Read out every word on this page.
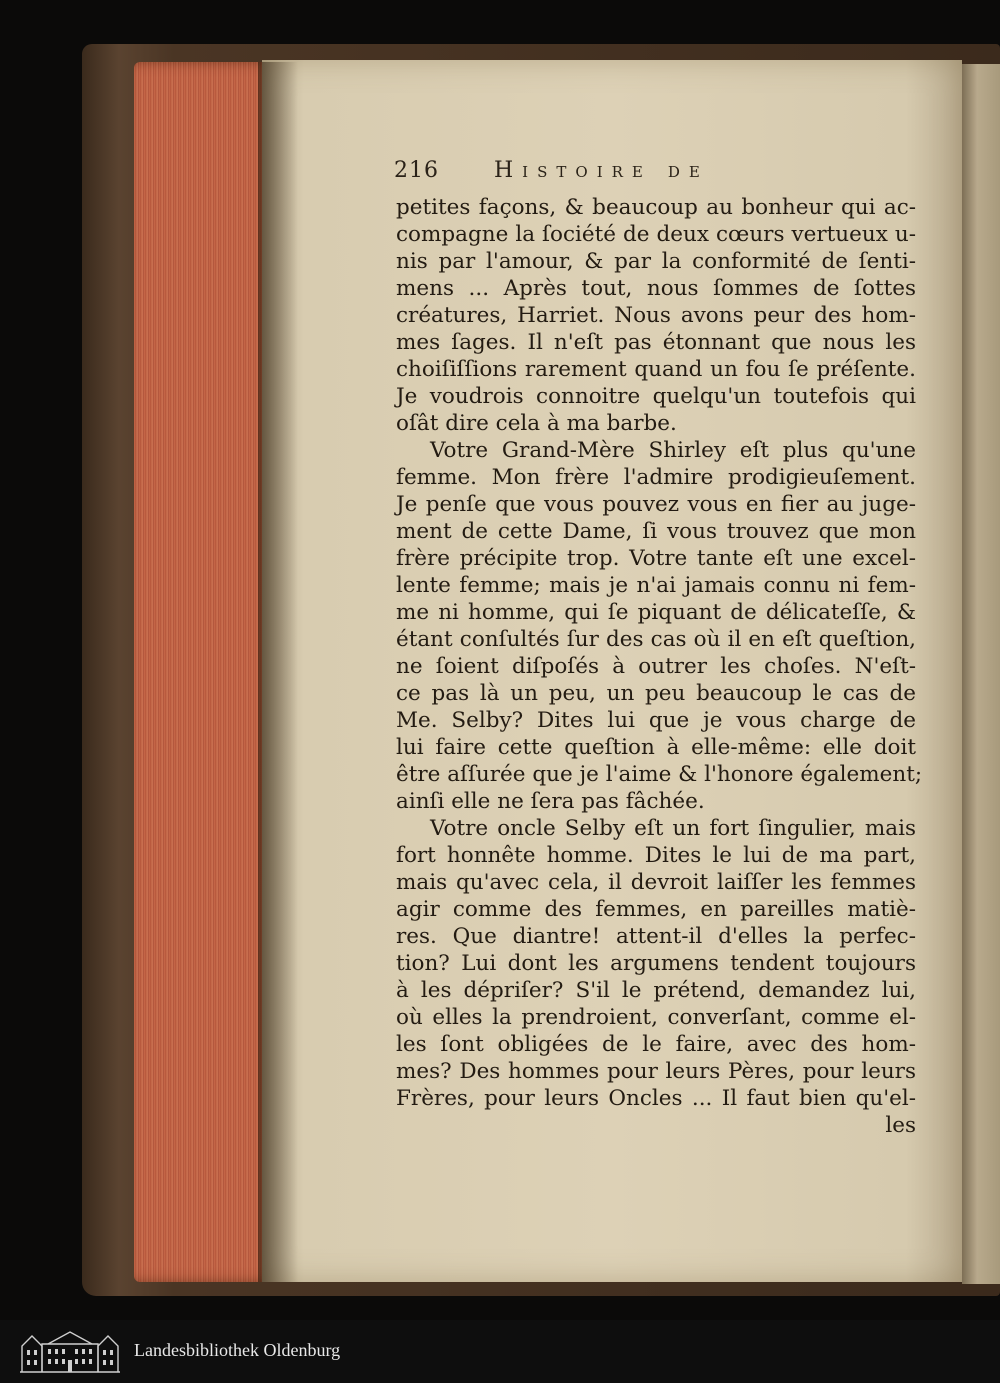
216	Histoire de
petites façons, & beaucoup au bonheur qui ac-
compagne la ſociété de deux cœurs vertueux u-
nis par l'amour, & par la conformité de ſenti-
mens ... Après tout, nous ſommes de ſottes
créatures, Harriet. Nous avons peur des hom-
mes ſages. Il n'eſt pas étonnant que nous les
choiſiſſions rarement quand un fou ſe préſente.
Je voudrois connoitre quelqu'un toutefois qui
oſât dire cela à ma barbe.
Votre Grand-Mère Shirley eſt plus qu'une
femme. Mon frère l'admire prodigieuſement.
Je penſe que vous pouvez vous en fier au juge-
ment de cette Dame, ſi vous trouvez que mon
frère précipite trop. Votre tante eſt une excel-
lente femme; mais je n'ai jamais connu ni fem-
me ni homme, qui ſe piquant de délicateſſe, &
étant conſultés ſur des cas où il en eſt queſtion,
ne ſoient diſpoſés à outrer les choſes. N'eſt-
ce pas là un peu, un peu beaucoup le cas de
Me. Selby? Dites lui que je vous charge de
lui faire cette queſtion à elle-même: elle doit
être aſſurée que je l'aime & l'honore également;
ainſi elle ne ſera pas fâchée.
Votre oncle Selby eſt un fort ſingulier, mais
fort honnête homme. Dites le lui de ma part,
mais qu'avec cela, il devroit laiſſer les femmes
agir comme des femmes, en pareilles matiè-
res. Que diantre! attent-il d'elles la perfec-
tion? Lui dont les argumens tendent toujours
à les dépriſer? S'il le prétend, demandez lui,
où elles la prendroient, converſant, comme el-
les ſont obligées de le faire, avec des hom-
mes? Des hommes pour leurs Pères, pour leurs
Frères, pour leurs Oncles ... Il faut bien qu'el-
les
Landesbibliothek Oldenburg
